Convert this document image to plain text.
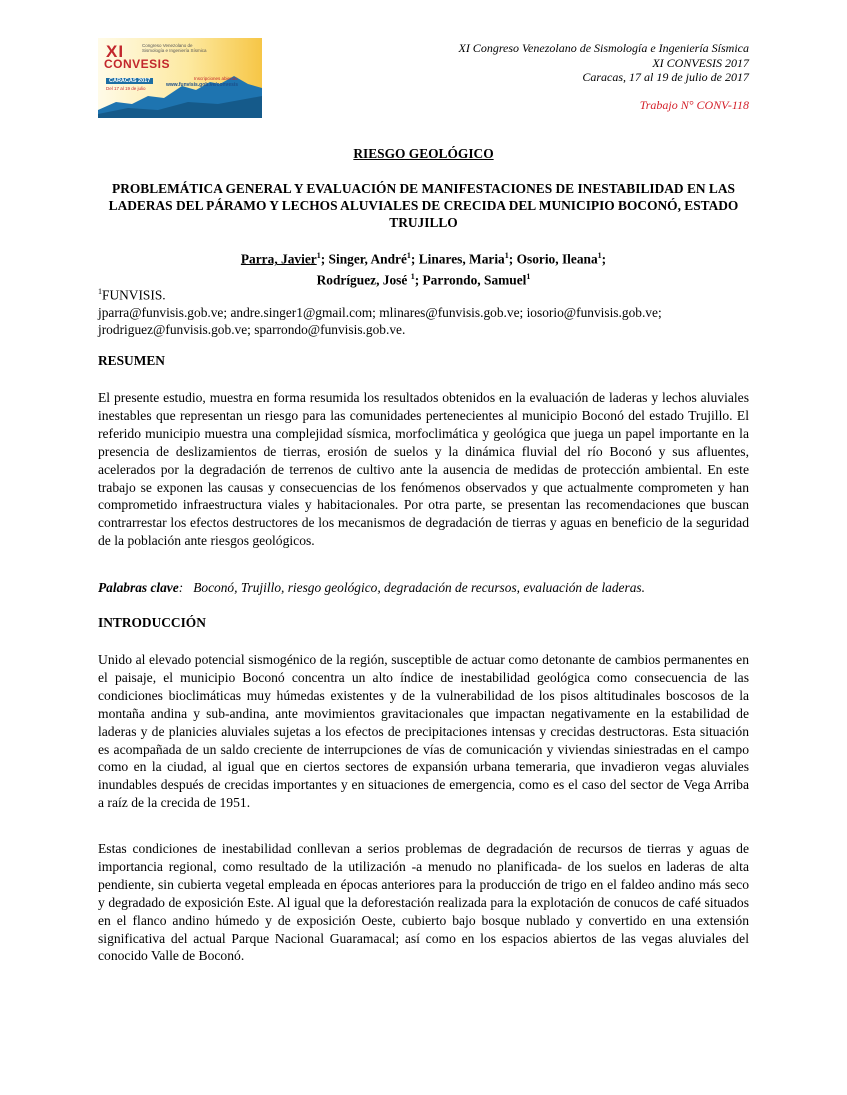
XI
CONVESIS
Congreso Venezolano de Sismología e Ingeniería Sísmica
CARACAS 2017
Del 17 al 19 de julio
Inscripciones abiertas
www.funvisis.gob.ve/convesis
XI Congreso Venezolano de Sismología e Ingeniería Sísmica
XI CONVESIS 2017
Caracas, 17 al 19 de julio de 2017
Trabajo N° CONV-118
RIESGO GEOLÓGICO
PROBLEMÁTICA GENERAL Y EVALUACIÓN DE MANIFESTACIONES DE INESTABILIDAD EN LAS LADERAS DEL PÁRAMO Y LECHOS ALUVIALES DE CRECIDA DEL MUNICIPIO BOCONÓ, ESTADO TRUJILLO
Parra, Javier$^1$; Singer, André$^1$; Linares, Maria$^1$; Osorio, Ileana$^1$;
Rodríguez, José $^1$; Parrondo, Samuel$^1$
$^1$FUNVISIS.
jparra@funvisis.gob.ve; andre.singer1@gmail.com; mlinares@funvisis.gob.ve; iosorio@funvisis.gob.ve;
jrodriguez@funvisis.gob.ve; sparrondo@funvisis.gob.ve.
RESUMEN
El presente estudio, muestra en forma resumida los resultados obtenidos en la evaluación de laderas y lechos aluviales inestables que representan un riesgo para las comunidades pertenecientes al municipio Boconó del estado Trujillo. El referido municipio muestra una complejidad sísmica, morfoclimática y geológica que juega un papel importante en la presencia de deslizamientos de tierras, erosión de suelos y la dinámica fluvial del río Boconó y sus afluentes, acelerados por la degradación de terrenos de cultivo ante la ausencia de medidas de protección ambiental. En este trabajo se exponen las causas y consecuencias de los fenómenos observados y que actualmente comprometen y han comprometido infraestructura viales y habitacionales. Por otra parte, se presentan las recomendaciones que buscan contrarrestar los efectos destructores de los mecanismos de degradación de tierras y aguas en beneficio de la seguridad de la población ante riesgos geológicos.
Palabras clave: Boconó, Trujillo, riesgo geológico, degradación de recursos, evaluación de laderas.
INTRODUCCIÓN
Unido al elevado potencial sismogénico de la región, susceptible de actuar como detonante de cambios permanentes en el paisaje, el municipio Boconó concentra un alto índice de inestabilidad geológica como consecuencia de las condiciones bioclimáticas muy húmedas existentes y de la vulnerabilidad de los pisos altitudinales boscosos de la montaña andina y sub-andina, ante movimientos gravitacionales que impactan negativamente en la estabilidad de laderas y de planicies aluviales sujetas a los efectos de precipitaciones intensas y crecidas destructoras. Esta situación es acompañada de un saldo creciente de interrupciones de vías de comunicación y viviendas siniestradas en el campo como en la ciudad, al igual que en ciertos sectores de expansión urbana temeraria, que invadieron vegas aluviales inundables después de crecidas importantes y en situaciones de emergencia, como es el caso del sector de Vega Arriba a raíz de la crecida de 1951.
Estas condiciones de inestabilidad conllevan a serios problemas de degradación de recursos de tierras y aguas de importancia regional, como resultado de la utilización -a menudo no planificada- de los suelos en laderas de alta pendiente, sin cubierta vegetal empleada en épocas anteriores para la producción de trigo en el faldeo andino más seco y degradado de exposición Este. Al igual que la deforestación realizada para la explotación de conucos de café situados en el flanco andino húmedo y de exposición Oeste, cubierto bajo bosque nublado y convertido en una extensión significativa del actual Parque Nacional Guaramacal; así como en los espacios abiertos de las vegas aluviales del conocido Valle de Boconó.
